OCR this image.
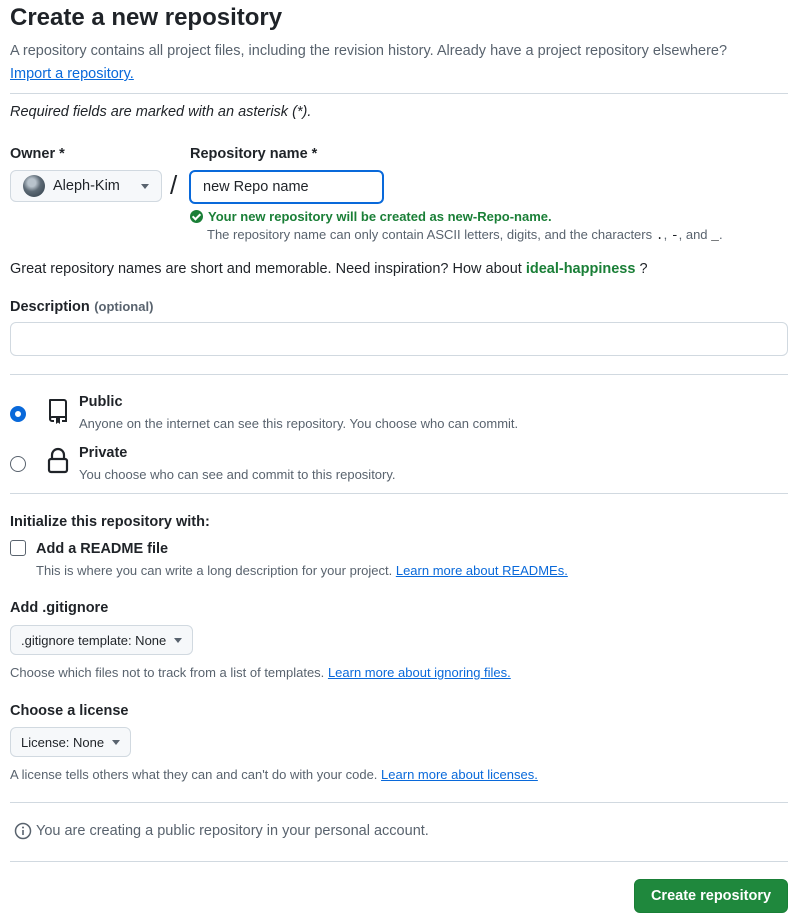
Create a new repository
A repository contains all project files, including the revision history. Already have a project repository elsewhere? Import a repository.
Required fields are marked with an asterisk (*).
Owner *	Repository name *
Aleph-Kim /
new Repo name
Your new repository will be created as new-Repo-name.
The repository name can only contain ASCII letters, digits, and the characters ., -, and _.
Great repository names are short and memorable. Need inspiration? How about ideal-happiness ?
Description (optional)
Public
Anyone on the internet can see this repository. You choose who can commit.
Private
You choose who can see and commit to this repository.
Initialize this repository with:
Add a README file
This is where you can write a long description for your project. Learn more about READMEs.
Add .gitignore
.gitignore template: None
Choose which files not to track from a list of templates. Learn more about ignoring files.
Choose a license
License: None
A license tells others what they can and can't do with your code. Learn more about licenses.
You are creating a public repository in your personal account.
Create repository
